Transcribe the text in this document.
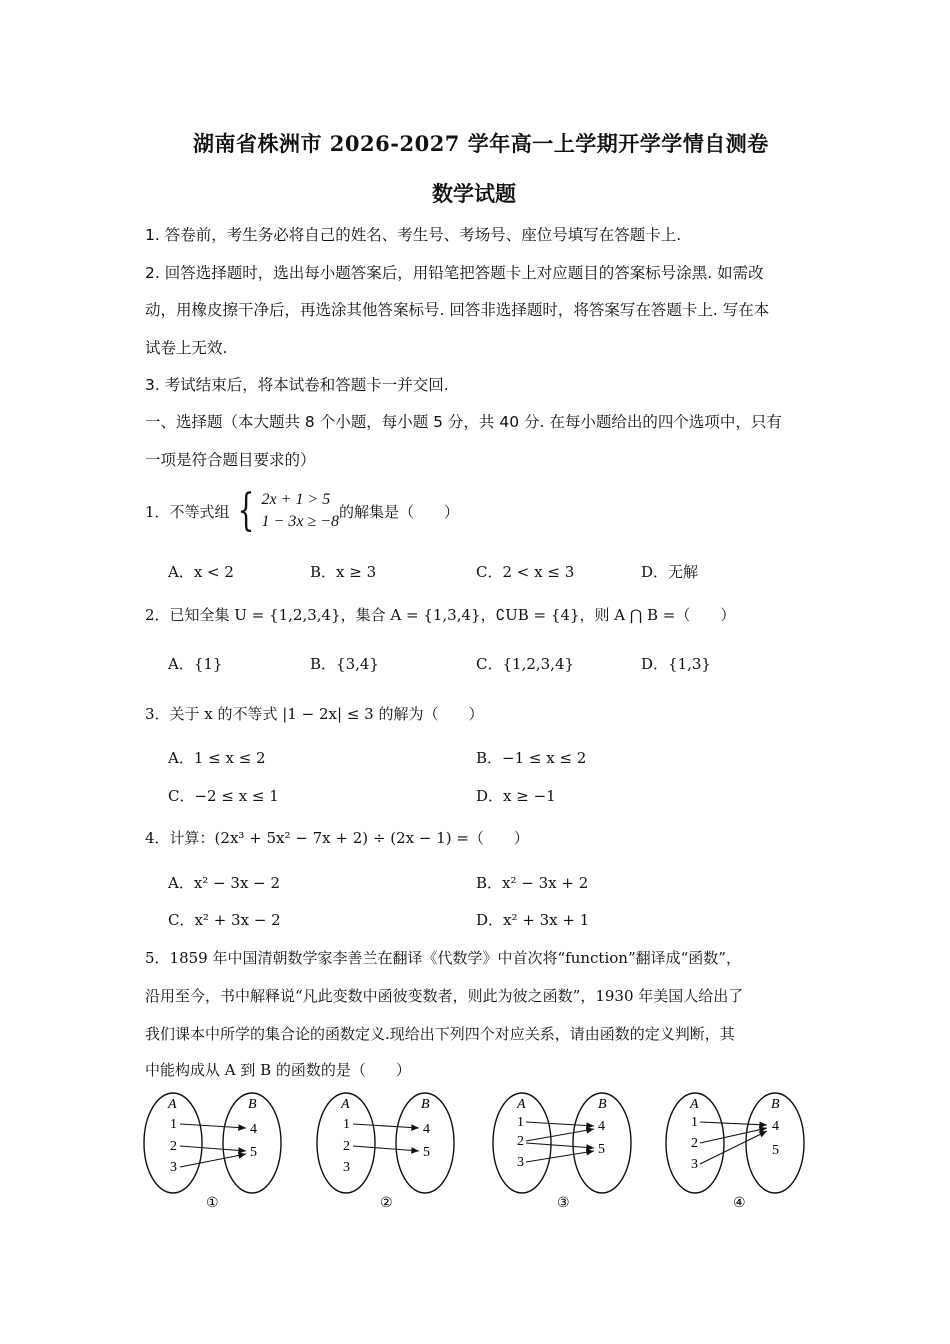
湖南省株洲市 2026-2027 学年高一上学期开学学情自测卷
数学试题
1. 答卷前，考生务必将自己的姓名、考生号、考场号、座位号填写在答题卡上.
2. 回答选择题时，选出每小题答案后，用铅笔把答题卡上对应题目的答案标号涂黑. 如需改
动，用橡皮擦干净后，再选涂其他答案标号. 回答非选择题时，将答案写在答题卡上. 写在本
试卷上无效.
3. 考试结束后，将本试卷和答题卡一并交回.
一、选择题（本大题共 8 个小题，每小题 5 分，共 40 分. 在每小题给出的四个选项中，只有
一项是符合题目要求的）
1．不等式组 { 2x + 1 > 5
1 − 3x ≥ −8
的解集是（　　）
A．x < 2	B．x ≥ 3	C．2 < x ≤ 3	D．无解
2．已知全集 U = {1,2,3,4}，集合 A = {1,3,4}，∁UB = {4}，则 A ⋂ B =（　　）
A．{1}	B．{3,4}	C．{1,2,3,4}	D．{1,3}
3．关于 x 的不等式 |1 − 2x| ≤ 3 的解为（　　）
A．1 ≤ x ≤ 2	B．−1 ≤ x ≤ 2
C．−2 ≤ x ≤ 1	D．x ≥ −1
4．计算：(2x³ + 5x² − 7x + 2) ÷ (2x − 1) =（　　）
A．x² − 3x − 2	B．x² − 3x + 2
C．x² + 3x − 2	D．x² + 3x + 1
5．1859 年中国清朝数学家李善兰在翻译《代数学》中首次将“function”翻译成“函数”，
沿用至今，书中解释说“凡此变数中函彼变数者，则此为彼之函数”，1930 年美国人给出了
我们课本中所学的集合论的函数定义.现给出下列四个对应关系，请由函数的定义判断，其
中能构成从 A 到 B 的函数的是（　　）
A	B
1
2
3
4
5
①
A	B
1
2
3
4
5
②
A	B
1
2
3
4
5
③
A	B
1
2
3
4
5
④
